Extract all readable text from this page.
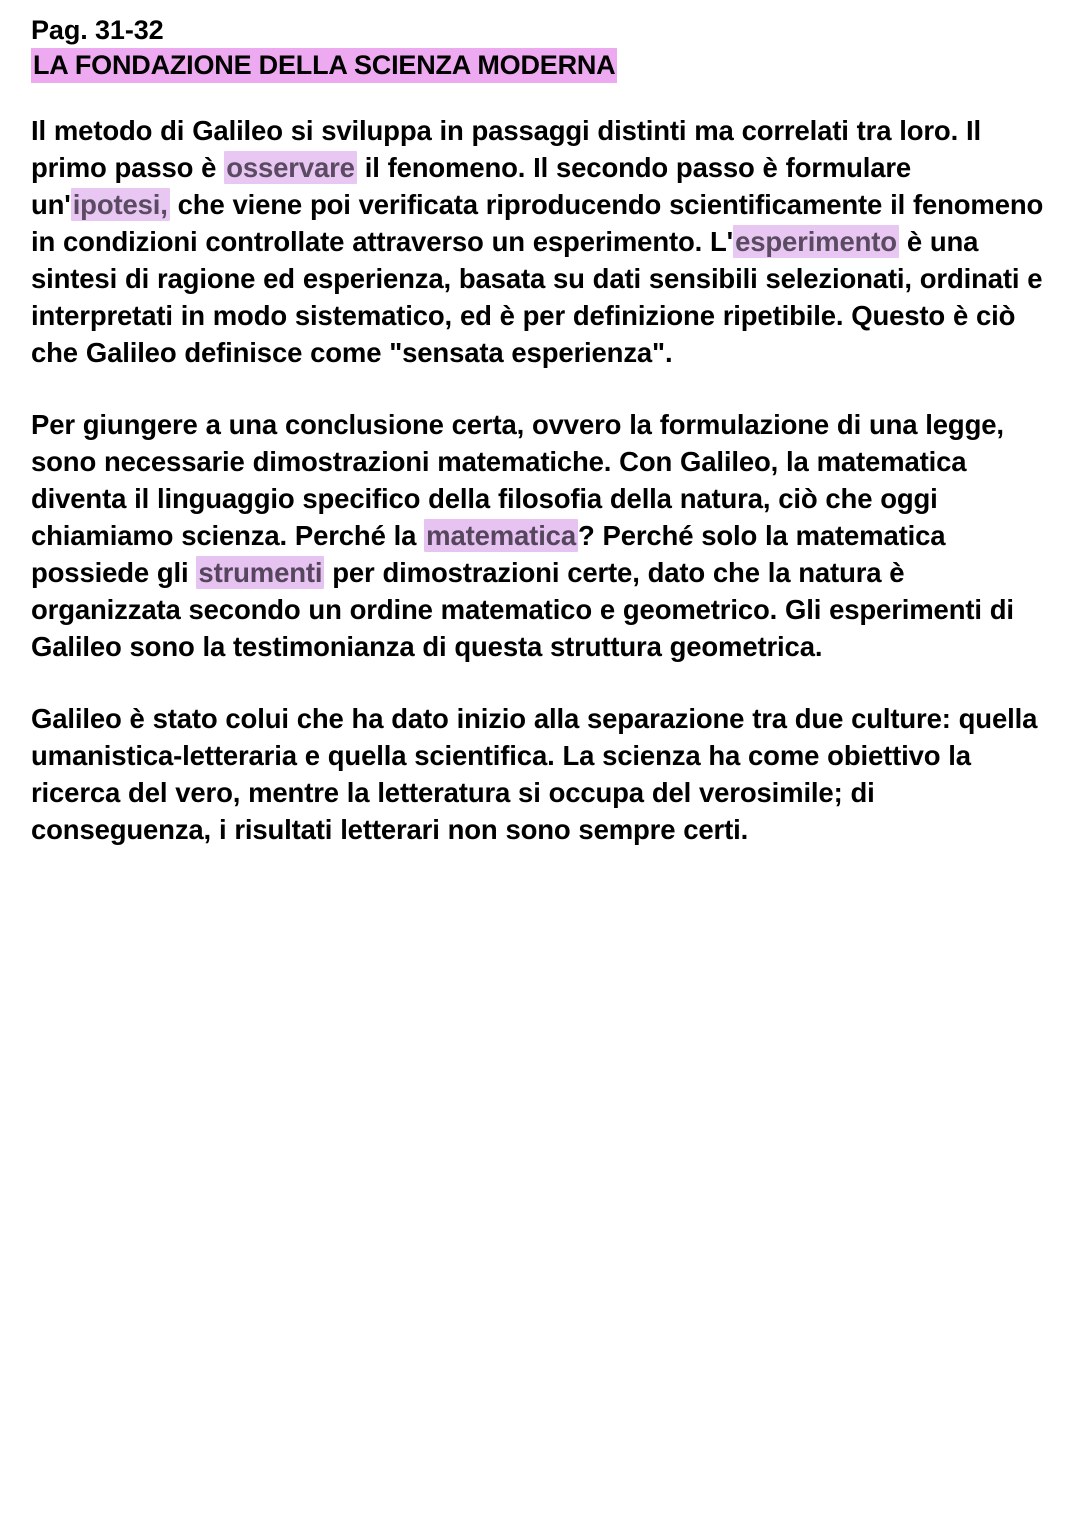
Pag. 31-32
LA FONDAZIONE DELLA SCIENZA MODERNA

Il metodo di Galileo si sviluppa in passaggi distinti ma correlati tra loro. Il primo passo è osservare il fenomeno. Il secondo passo è formulare un'ipotesi, che viene poi verificata riproducendo scientificamente il fenomeno in condizioni controllate attraverso un esperimento. L'esperimento è una sintesi di ragione ed esperienza, basata su dati sensibili selezionati, ordinati e interpretati in modo sistematico, ed è per definizione ripetibile. Questo è ciò che Galileo definisce come "sensata esperienza".

Per giungere a una conclusione certa, ovvero la formulazione di una legge, sono necessarie dimostrazioni matematiche. Con Galileo, la matematica diventa il linguaggio specifico della filosofia della natura, ciò che oggi chiamiamo scienza. Perché la matematica? Perché solo la matematica possiede gli strumenti per dimostrazioni certe, dato che la natura è organizzata secondo un ordine matematico e geometrico. Gli esperimenti di Galileo sono la testimonianza di questa struttura geometrica.

Galileo è stato colui che ha dato inizio alla separazione tra due culture: quella umanistica-letteraria e quella scientifica. La scienza ha come obiettivo la ricerca del vero, mentre la letteratura si occupa del verosimile; di conseguenza, i risultati letterari non sono sempre certi.
